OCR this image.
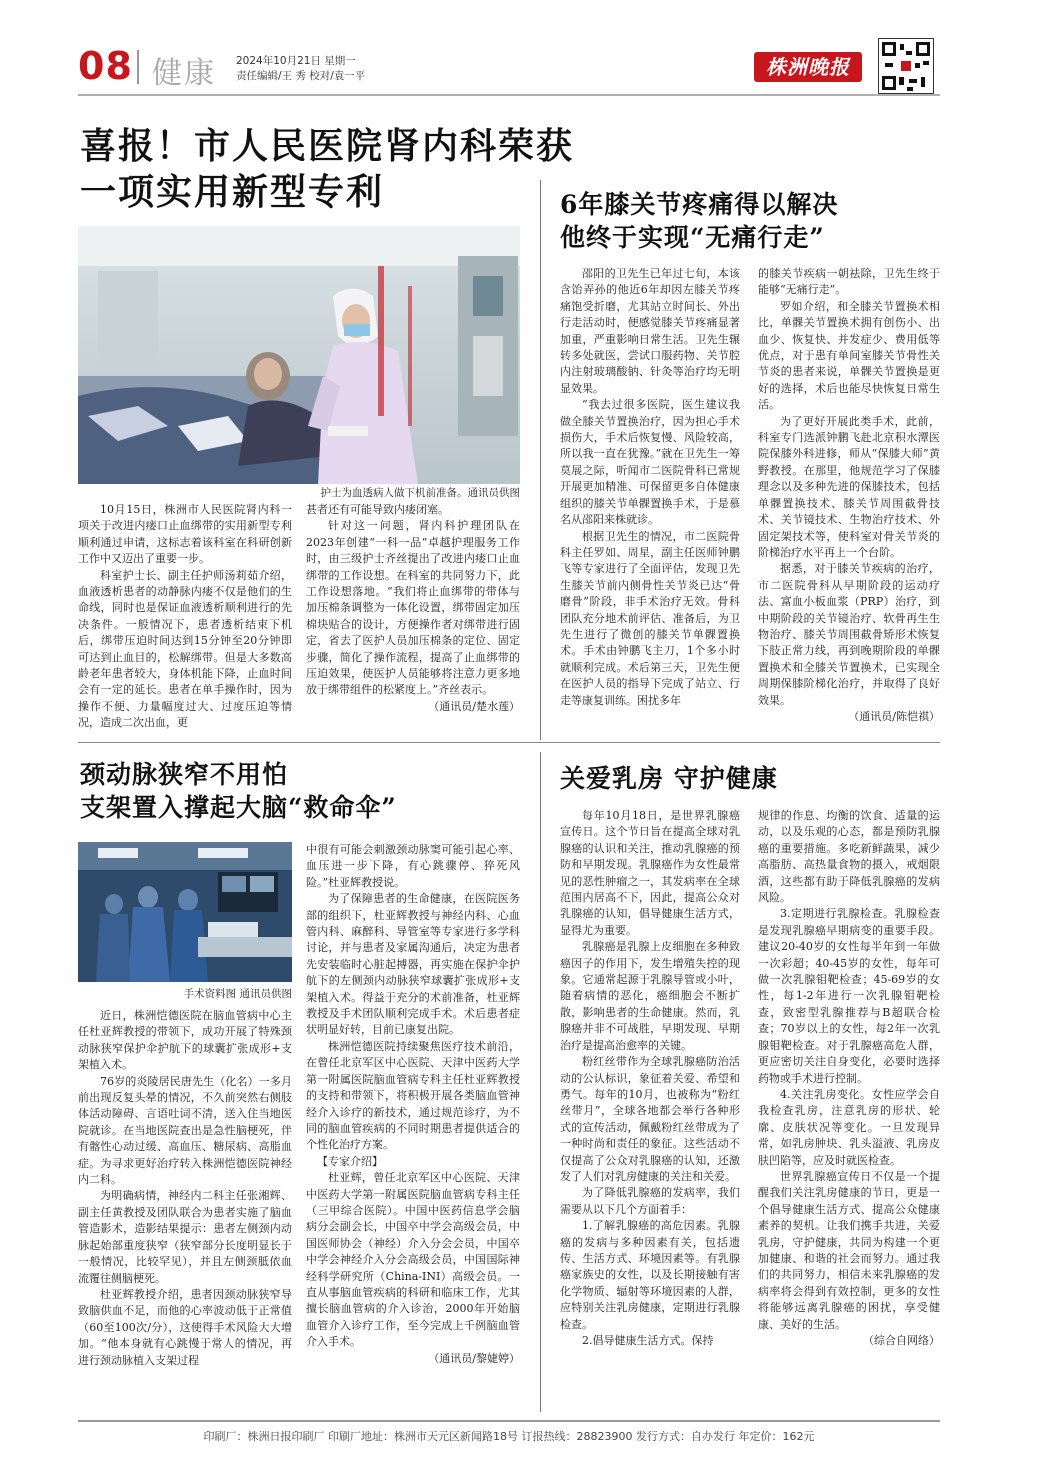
08 健康 2024年10月21日 星期一
责任编辑/王 秀 校对/袁一平	株洲晚报
喜报！市人民医院肾内科荣获
一项实用新型专利
护士为血透病人做下机前准备。通讯员供图

10月15日，株洲市人民医院肾内科一项关于改进内瘘口止血绑带的实用新型专利顺利通过申请，这标志着该科室在科研创新工作中又迈出了重要一步。

科室护士长、副主任护师汤莉茹介绍，血液透析患者的动静脉内瘘不仅是他们的生命线，同时也是保证血液透析顺利进行的先决条件。一般情况下，患者透析结束下机后，绑带压迫时间达到15分钟至20分钟即可达到止血目的，松解绑带。但是大多数高龄老年患者较大，身体机能下降，止血时间会有一定的延长。患者在单手操作时，因为操作不便、力量幅度过大、过度压迫等情况，造成二次出血，更

甚者还有可能导致内瘘闭塞。

针对这一问题，肾内科护理团队在2023年创建“一科一品”卓越护理服务工作时，由三级护士齐丝提出了改进内瘘口止血绑带的工作设想。在科室的共同努力下，此工作设想落地。“我们将止血绑带的带体与加压棉条调整为一体化设置，绑带固定加压棉块贴合的设计，方便操作者对绑带进行固定，省去了医护人员加压棉条的定位、固定步骤，简化了操作流程，提高了止血绑带的压迫效果，使医护人员能够将注意力更多地放于绑带组件的松紧度上。”齐丝表示。

（通讯员/楚水莲）

6年膝关节疼痛得以解决
他终于实现“无痛行走”

邵阳的卫先生已年过七旬，本该含饴弄孙的他近6年却因左膝关节疼痛饱受折磨，尤其站立时间长、外出行走活动时，便感觉膝关节疼痛显著加重，严重影响日常生活。卫先生辗转多处就医，尝试口服药物、关节腔内注射玻璃酸钠、针灸等治疗均无明显效果。

“我去过很多医院，医生建议我做全膝关节置换治疗，因为担心手术损伤大，手术后恢复慢、风险较高，所以我一直在犹豫。”就在卫先生一筹莫展之际，听闻市二医院骨科已常规开展更加精准、可保留更多自体健康组织的膝关节单髁置换手术，于是慕名从邵阳来株就诊。

根据卫先生的情况，市二医院骨科主任罗如、周星，副主任医师钟鹏飞等专家进行了全面评估，发现卫先生膝关节前内侧骨性关节炎已达“骨磨骨”阶段，非手术治疗无效。骨科团队充分地术前评估、准备后，为卫先生进行了微创的膝关节单髁置换术。手术由钟鹏飞主刀，1个多小时就顺利完成。术后第三天，卫先生便在医护人员的指导下完成了站立、行走等康复训练。困扰多年

的膝关节疾病一朝祛除，卫先生终于能够“无痛行走”。

罗如介绍，和全膝关节置换术相比，单髁关节置换术拥有创伤小、出血少、恢复快、并发症少、费用低等优点，对于患有单间室膝关节骨性关节炎的患者来说，单髁关节置换是更好的选择，术后也能尽快恢复日常生活。

为了更好开展此类手术，此前，科室专门选派钟鹏飞赴北京积水潭医院保膝外科进修，师从“保膝大师”黄野教授。在那里，他规范学习了保膝理念以及多种先进的保膝技术，包括单髁置换技术、膝关节周围截骨技术、关节镜技术、生物治疗技术、外固定架技术等，使科室对骨关节炎的阶梯治疗水平再上一个台阶。

据悉，对于膝关节疾病的治疗，市二医院骨科从早期阶段的运动疗法、富血小板血浆（PRP）治疗，到中期阶段的关节镜治疗、软骨再生生物治疗、膝关节周围截骨矫形术恢复下肢正常力线，再到晚期阶段的单髁置换术和全膝关节置换术，已实现全周期保膝阶梯化治疗，并取得了良好效果。

（通讯员/陈恺祺）

颈动脉狭窄不用怕
支架置入撑起大脑“救命伞”
手术资料图 通讯员供图

近日，株洲恺德医院在脑血管病中心主任杜亚辉教授的带领下，成功开展了特殊颈动脉狭窄保护伞护航下的球囊扩张成形+支架植入术。

76岁的炎陵居民唐先生（化名）一多月前出现反复头晕的情况，不久前突然右侧肢体活动障碍、言语吐词不清，送入住当地医院就诊。在当地医院查出是急性脑梗死，伴有髂性心动过缓、高血压、糖尿病、高脂血症。为寻求更好治疗转入株洲恺德医院神经内二科。

为明确病情，神经内二科主任张湘辉、副主任黄教授及团队联合为患者实施了脑血管造影术，造影结果提示：患者左侧颈内动脉起始部重度狭窄（狭窄部分长度明显长于一般情况，比较罕见），并且左侧颈胝依血流覆往侧脑梗死。

杜亚辉教授介绍，患者因颈动脉狭窄导致脑供血不足，而他的心率波动低于正常值（60至100次/分），这使得手术风险大大增加。“他本身就有心跳慢于常人的情况，再进行颈动脉植入支架过程

中很有可能会刺激颈动脉窦可能引起心率、血压进一步下降，有心跳骤停、猝死风险。”杜亚辉教授说。

为了保障患者的生命健康，在医院医务部的组织下，杜亚辉教授与神经内科、心血管内科、麻醉科、导管室等专家进行多学科讨论，并与患者及家属沟通后，决定为患者先安装临时心脏起搏器，再实施在保护伞护航下的左侧颈内动脉狭窄球囊扩张成形+支架植入术。得益于充分的术前准备，杜亚辉教授及手术团队顺利完成手术。术后患者症状明显好转，目前已康复出院。

株洲恺德医院持续聚焦医疗技术前沿，在曾任北京军区中心医院、天津中医药大学第一附属医院脑血管病专科主任杜亚辉教授的支持和带领下，将积极开展各类脑血管神经介入诊疗的新技术，通过规范诊疗，为不同的脑血管疾病的不同时期患者提供适合的个性化治疗方案。

【专家介绍】

杜亚辉，曾任北京军区中心医院、天津中医药大学第一附属医院脑血管病专科主任（三甲综合医院）。中国中医药信息学会脑病分会副会长，中国卒中学会高级会员，中国医师协会（神经）介入分会会员，中国卒中学会神经介入分会高级会员，中国国际神经科学研究所（China-INI）高级会员。一直从事脑血管疾病的科研和临床工作，尤其擅长脑血管病的介入诊治，2000年开始脑血管介入诊疗工作，至今完成上千例脑血管介入手术。

（通讯员/黎婕婷）

关爱乳房 守护健康

每年10月18日，是世界乳腺癌宣传日。这个节日旨在提高全球对乳腺癌的认识和关注，推动乳腺癌的预防和早期发现。乳腺癌作为女性最常见的恶性肿瘤之一，其发病率在全球范围内居高不下，因此，提高公众对乳腺癌的认知，倡导健康生活方式，显得尤为重要。

乳腺癌是乳腺上皮细胞在多种致癌因子的作用下，发生增殖失控的现象。它通常起源于乳腺导管或小叶，随着病情的恶化，癌细胞会不断扩散，影响患者的生命健康。然而，乳腺癌并非不可战胜，早期发现、早期治疗是提高治愈率的关键。

粉红丝带作为全球乳腺癌防治活动的公认标识，象征着关爱、希望和勇气。每年的10月，也被称为“粉红丝带月”，全球各地都会举行各种形式的宣传活动，佩戴粉红丝带成为了一种时尚和责任的象征。这些活动不仅提高了公众对乳腺癌的认知，还激发了人们对乳房健康的关注和关爱。

为了降低乳腺癌的发病率，我们需要从以下几个方面着手：

1.了解乳腺癌的高危因素。乳腺癌的发病与多种因素有关，包括遗传、生活方式、环境因素等。有乳腺癌家族史的女性，以及长期接触有害化学物质、辐射等环境因素的人群，应特别关注乳房健康，定期进行乳腺检查。

2.倡导健康生活方式。保持

规律的作息、均衡的饮食、适量的运动，以及乐观的心态，都是预防乳腺癌的重要措施。多吃新鲜蔬果，减少高脂肪、高热量食物的摄入，戒烟限酒，这些都有助于降低乳腺癌的发病风险。

3.定期进行乳腺检查。乳腺检查是发现乳腺癌早期病变的重要手段。建议20-40岁的女性每半年到一年做一次彩超；40-45岁的女性，每年可做一次乳腺钼靶检查；45-69岁的女性，每1-2年进行一次乳腺钼靶检查，致密型乳腺推荐与B超联合检查；70岁以上的女性，每2年一次乳腺钼靶检查。对于乳腺癌高危人群，更应密切关注自身变化，必要时选择药物或手术进行控制。

4.关注乳房变化。女性应学会自我检查乳房，注意乳房的形状、轮廓、皮肤状况等变化。一旦发现异常，如乳房肿块、乳头溢液、乳房皮肤凹陷等，应及时就医检查。

世界乳腺癌宣传日不仅是一个提醒我们关注乳房健康的节日，更是一个倡导健康生活方式、提高公众健康素养的契机。让我们携手共进，关爱乳房，守护健康，共同为构建一个更加健康、和谐的社会而努力。通过我们的共同努力，相信未来乳腺癌的发病率将会得到有效控制，更多的女性将能够远离乳腺癌的困扰，享受健康、美好的生活。

（综合自网络）

印刷厂：株洲日报印刷厂 印刷厂地址：株洲市天元区新闻路18号 订报热线：28823900 发行方式：自办发行 年定价：162元
